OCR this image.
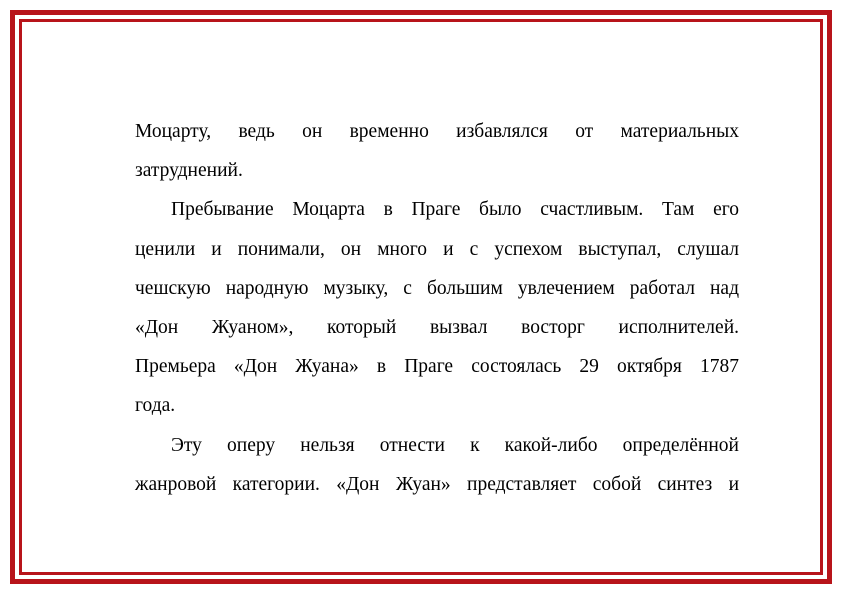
Моцарту, ведь он временно избавлялся от материальных
затруднений.
Пребывание Моцарта в Праге было счастливым. Там его
ценили и понимали, он много и с успехом выступал, слушал
чешскую народную музыку, с большим увлечением работал над
«Дон Жуаном», который вызвал восторг исполнителей.
Премьера «Дон Жуана» в Праге состоялась 29 октября 1787
года.
Эту оперу нельзя отнести к какой-либо определённой
жанровой категории. «Дон Жуан» представляет собой синтез и
